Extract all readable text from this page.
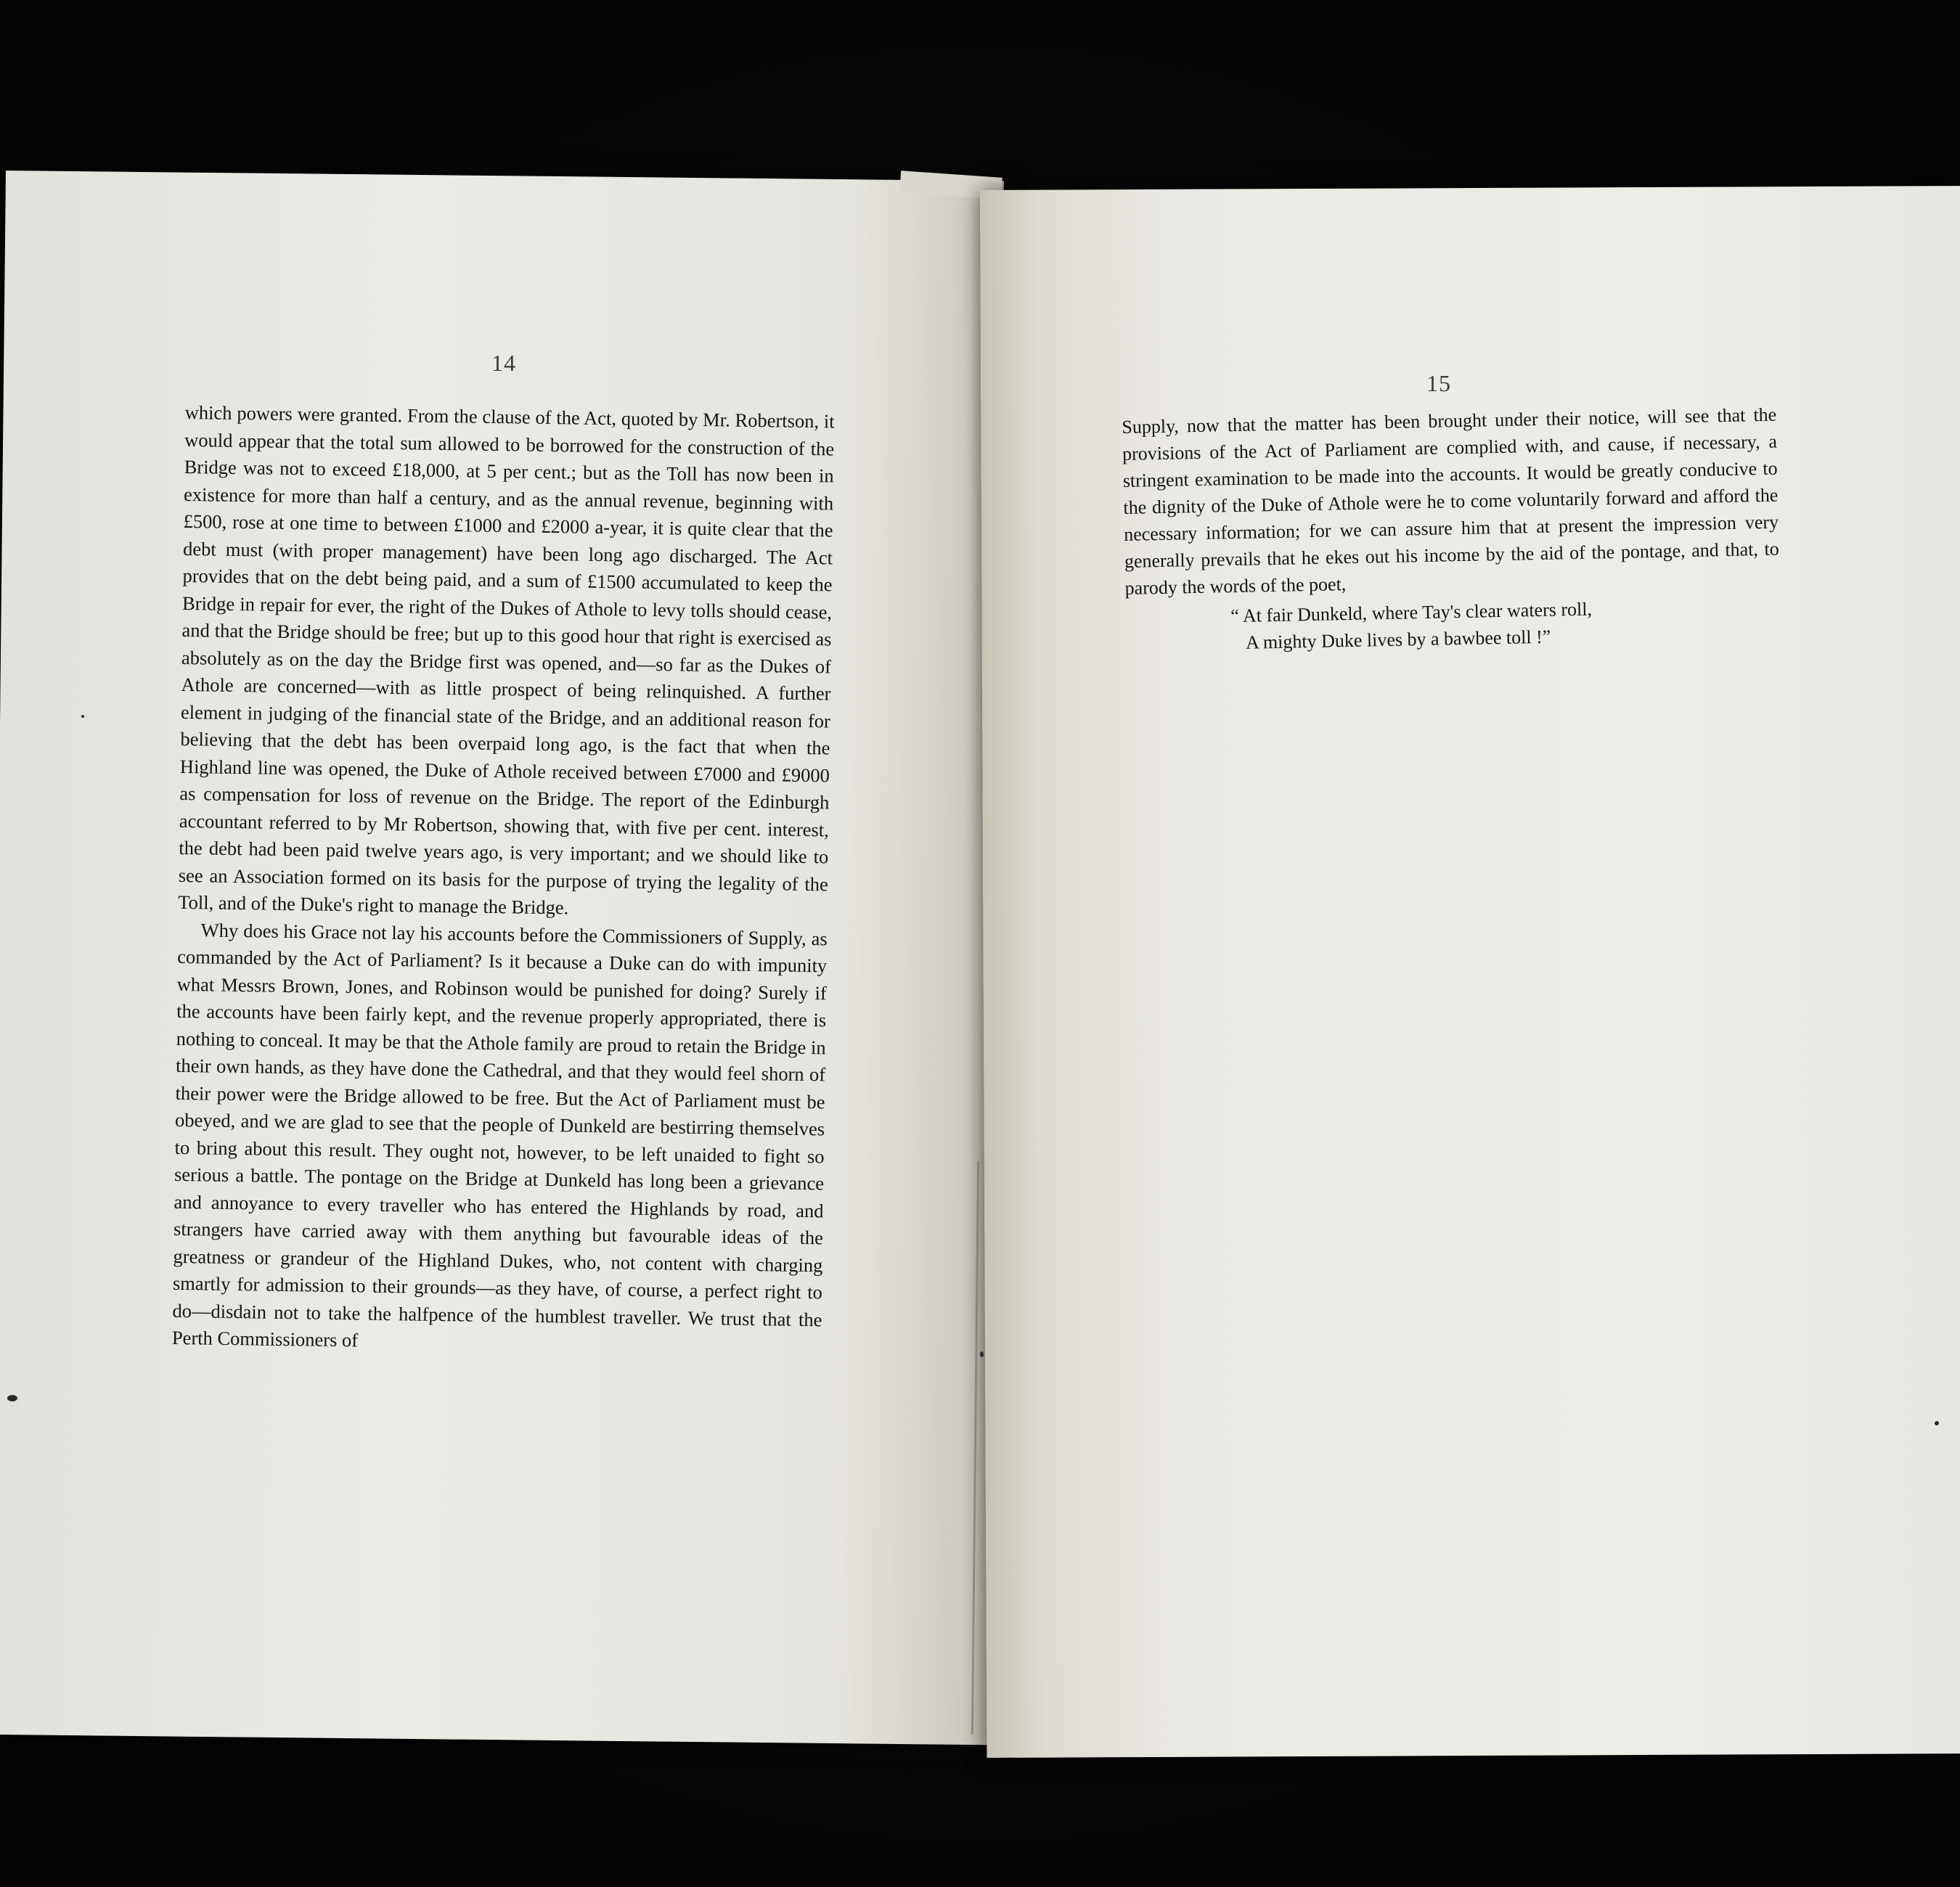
14

which powers were granted. From the clause of the Act, quoted by Mr. Robertson, it would appear that the total sum allowed to be borrowed for the construction of the Bridge was not to exceed £18,000, at 5 per cent.; but as the Toll has now been in existence for more than half a century, and as the annual revenue, beginning with £500, rose at one time to between £1000 and £2000 a-year, it is quite clear that the debt must (with proper management) have been long ago discharged. The Act provides that on the debt being paid, and a sum of £1500 accumulated to keep the Bridge in repair for ever, the right of the Dukes of Athole to levy tolls should cease, and that the Bridge should be free; but up to this good hour that right is exercised as absolutely as on the day the Bridge first was opened, and—so far as the Dukes of Athole are concerned—with as little prospect of being relinquished. A further element in judging of the financial state of the Bridge, and an additional reason for believing that the debt has been overpaid long ago, is the fact that when the Highland line was opened, the Duke of Athole received between £7000 and £9000 as compensation for loss of revenue on the Bridge. The report of the Edinburgh accountant referred to by Mr Robertson, showing that, with five per cent. interest, the debt had been paid twelve years ago, is very important; and we should like to see an Association formed on its basis for the purpose of trying the legality of the Toll, and of the Duke's right to manage the Bridge.

Why does his Grace not lay his accounts before the Commissioners of Supply, as commanded by the Act of Parliament? Is it because a Duke can do with impunity what Messrs Brown, Jones, and Robinson would be punished for doing? Surely if the accounts have been fairly kept, and the revenue properly appropriated, there is nothing to conceal. It may be that the Athole family are proud to retain the Bridge in their own hands, as they have done the Cathedral, and that they would feel shorn of their power were the Bridge allowed to be free. But the Act of Parliament must be obeyed, and we are glad to see that the people of Dunkeld are bestirring themselves to bring about this result. They ought not, however, to be left unaided to fight so serious a battle. The pontage on the Bridge at Dunkeld has long been a grievance and annoyance to every traveller who has entered the Highlands by road, and strangers have carried away with them anything but favourable ideas of the greatness or grandeur of the Highland Dukes, who, not content with charging smartly for admission to their grounds—as they have, of course, a perfect right to do—disdain not to take the halfpence of the humblest traveller. We trust that the Perth Commissioners of

15

Supply, now that the matter has been brought under their notice, will see that the provisions of the Act of Parliament are complied with, and cause, if necessary, a stringent examination to be made into the accounts. It would be greatly conducive to the dignity of the Duke of Athole were he to come voluntarily forward and afford the necessary information; for we can assure him that at present the impression very generally prevails that he ekes out his income by the aid of the pontage, and that, to parody the words of the poet,

“ At fair Dunkeld, where Tay's clear waters roll,
A mighty Duke lives by a bawbee toll !”
